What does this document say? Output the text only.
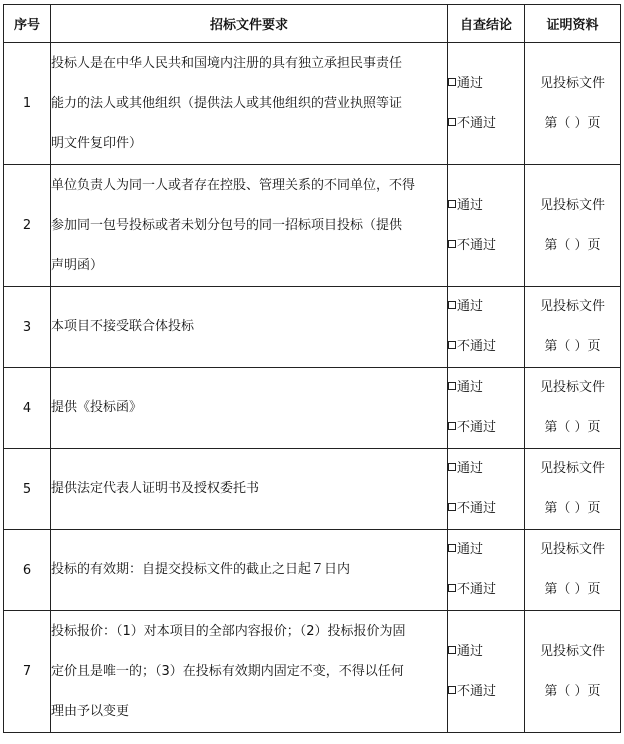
序号	招标文件要求	自查结论	证明资料
1	投标人是在中华人民共和国境内注册的具有独立承担民事责任
能力的法人或其他组织（提供法人或其他组织的营业执照等证
明文件复印件）	通过
不通过	见投标文件
第（ ）页

2	单位负责人为同一人或者存在控股、管理关系的不同单位，不得
参加同一包号投标或者未划分包号的同一招标项目投标（提供
声明函）	通过
不通过	见投标文件
第（ ）页

3	本项目不接受联合体投标	通过
不通过	见投标文件
第（ ）页

4	提供《投标函》	通过
不通过	见投标文件
第（ ）页

5	提供法定代表人证明书及授权委托书	通过
不通过	见投标文件
第（ ）页

6	投标的有效期：自提交投标文件的截止之日起７日内	通过
不通过	见投标文件
第（ ）页

7	投标报价：（1）对本项目的全部内容报价；（2）投标报价为固
定价且是唯一的；（3）在投标有效期内固定不变，不得以任何
理由予以变更	通过
不通过	见投标文件
第（ ）页
